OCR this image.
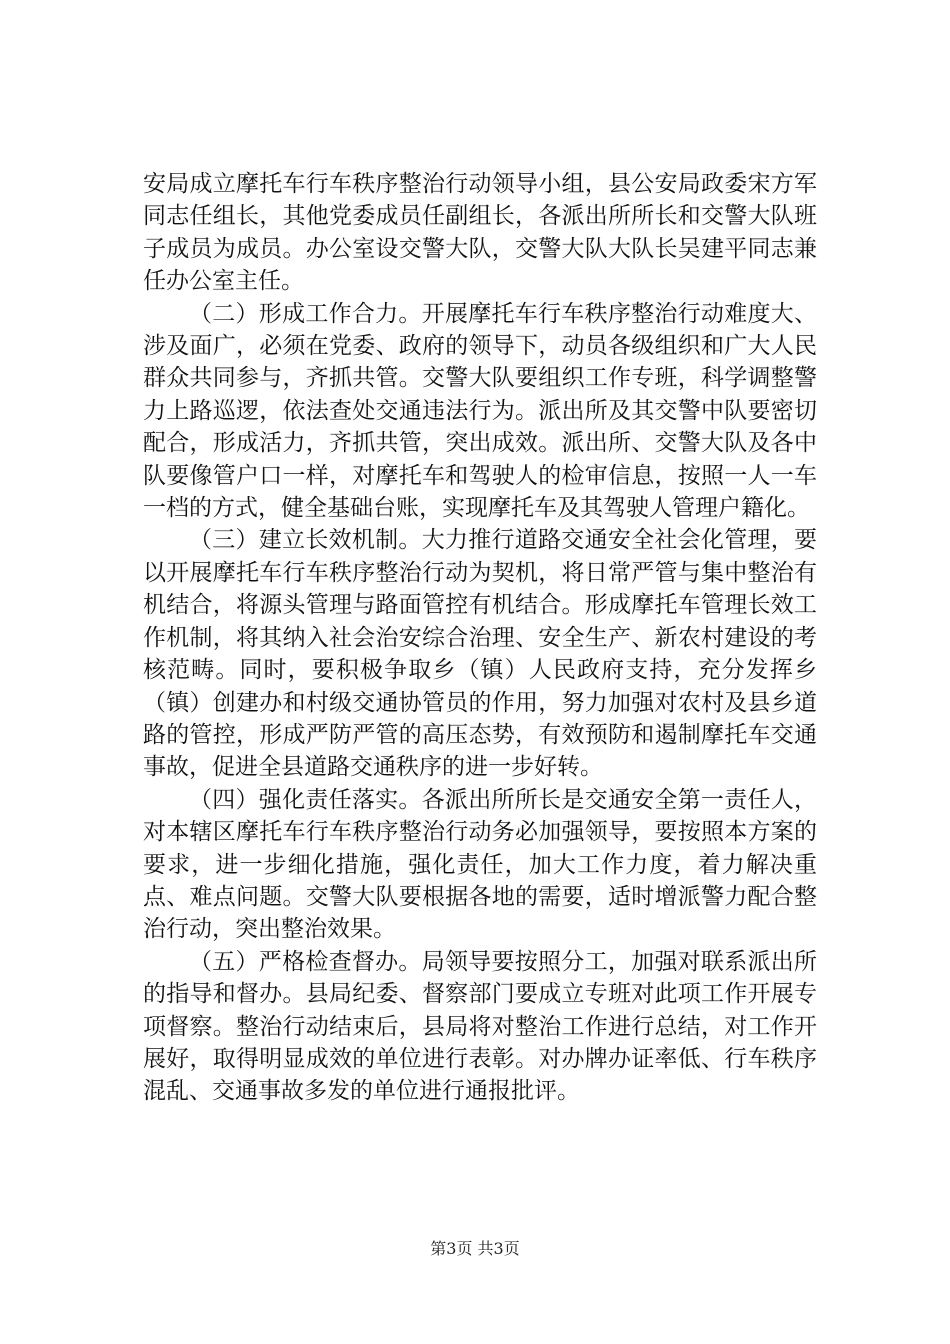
安局成立摩托车行车秩序整治行动领导小组，县公安局政委宋方军同志任组长，其他党委成员任副组长，各派出所所长和交警大队班子成员为成员。办公室设交警大队，交警大队大队长吴建平同志兼任办公室主任。

（二）形成工作合力。开展摩托车行车秩序整治行动难度大、涉及面广，必须在党委、政府的领导下，动员各级组织和广大人民群众共同参与，齐抓共管。交警大队要组织工作专班，科学调整警力上路巡逻，依法查处交通违法行为。派出所及其交警中队要密切配合，形成活力，齐抓共管，突出成效。派出所、交警大队及各中队要像管户口一样，对摩托车和驾驶人的检审信息，按照一人一车一档的方式，健全基础台账，实现摩托车及其驾驶人管理户籍化。

（三）建立长效机制。大力推行道路交通安全社会化管理，要以开展摩托车行车秩序整治行动为契机，将日常严管与集中整治有机结合，将源头管理与路面管控有机结合。形成摩托车管理长效工作机制，将其纳入社会治安综合治理、安全生产、新农村建设的考核范畴。同时，要积极争取乡（镇）人民政府支持，充分发挥乡（镇）创建办和村级交通协管员的作用，努力加强对农村及县乡道路的管控，形成严防严管的高压态势，有效预防和遏制摩托车交通事故，促进全县道路交通秩序的进一步好转。

（四）强化责任落实。各派出所所长是交通安全第一责任人，对本辖区摩托车行车秩序整治行动务必加强领导，要按照本方案的要求，进一步细化措施，强化责任，加大工作力度，着力解决重点、难点问题。交警大队要根据各地的需要，适时增派警力配合整治行动，突出整治效果。

（五）严格检查督办。局领导要按照分工，加强对联系派出所的指导和督办。县局纪委、督察部门要成立专班对此项工作开展专项督察。整治行动结束后，县局将对整治工作进行总结，对工作开展好，取得明显成效的单位进行表彰。对办牌办证率低、行车秩序混乱、交通事故多发的单位进行通报批评。

第3页 共3页
